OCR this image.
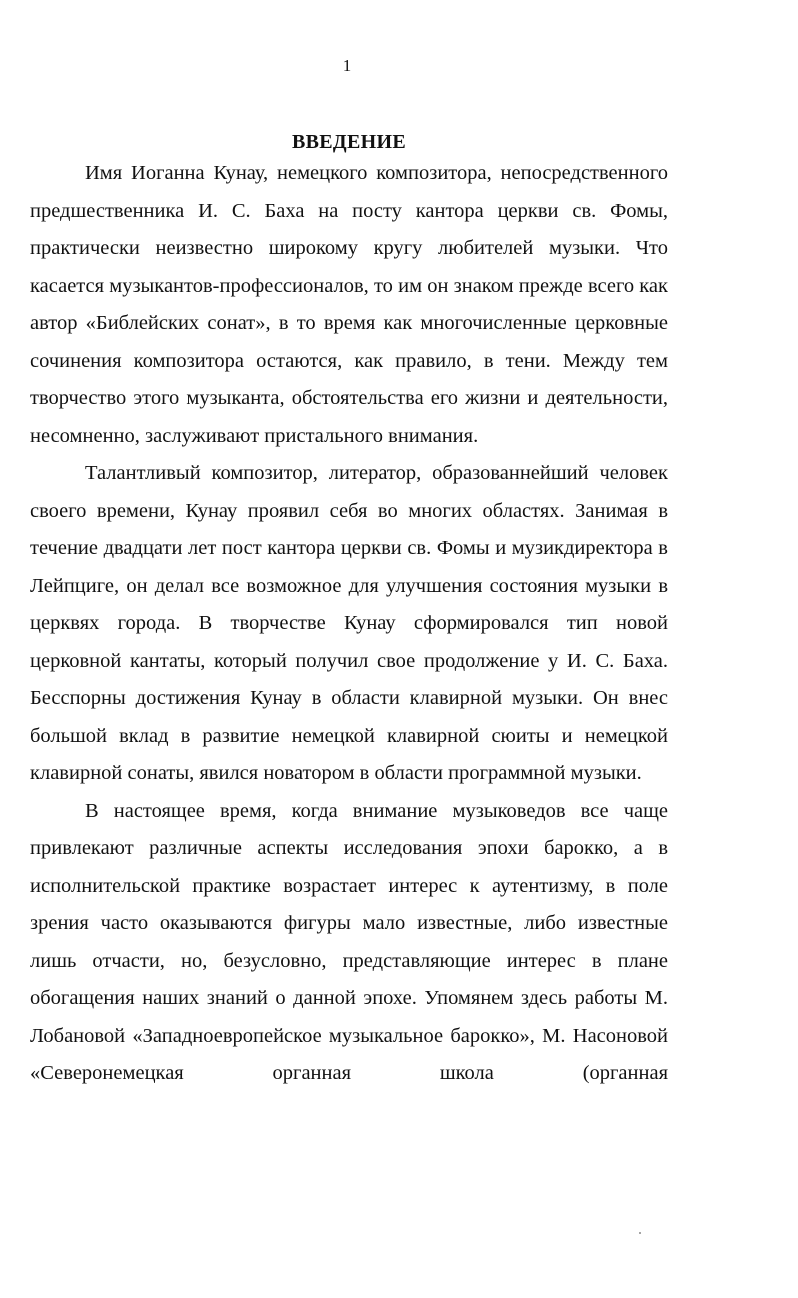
1
ВВЕДЕНИЕ

Имя Иоганна Кунау, немецкого композитора, непосредственного предшественника И. С. Баха на посту кантора церкви св. Фомы, практически неизвестно широкому кругу любителей музыки. Что касается музыкантов-профессионалов, то им он знаком прежде всего как автор «Библейских сонат», в то время как многочисленные церковные сочинения композитора остаются, как правило, в тени. Между тем творчество этого музыканта, обстоятельства его жизни и деятельности, несомненно, заслуживают пристального внимания.

Талантливый композитор, литератор, образованнейший человек своего времени, Кунау проявил себя во многих областях. Занимая в течение двадцати лет пост кантора церкви св. Фомы и музикдиректора в Лейпциге, он делал все возможное для улучшения состояния музыки в церквях города. В творчестве Кунау сформировался тип новой церковной кантаты, который получил свое продолжение у И. С. Баха. Бесспорны достижения Кунау в области клавирной музыки. Он внес большой вклад в развитие немецкой клавирной сюиты и немецкой клавирной сонаты, явился новатором в области программной музыки.

В настоящее время, когда внимание музыковедов все чаще привлекают различные аспекты исследования эпохи барокко, а в исполнительской практике возрастает интерес к аутентизму, в поле зрения часто оказываются фигуры мало известные, либо известные лишь отчасти, но, безусловно, представляющие интерес в плане обогащения наших знаний о данной эпохе. Упомянем здесь работы М. Лобановой «Западноевропейское музыкальное барокко», М. Насоновой «Северонемецкая органная школа (органная
